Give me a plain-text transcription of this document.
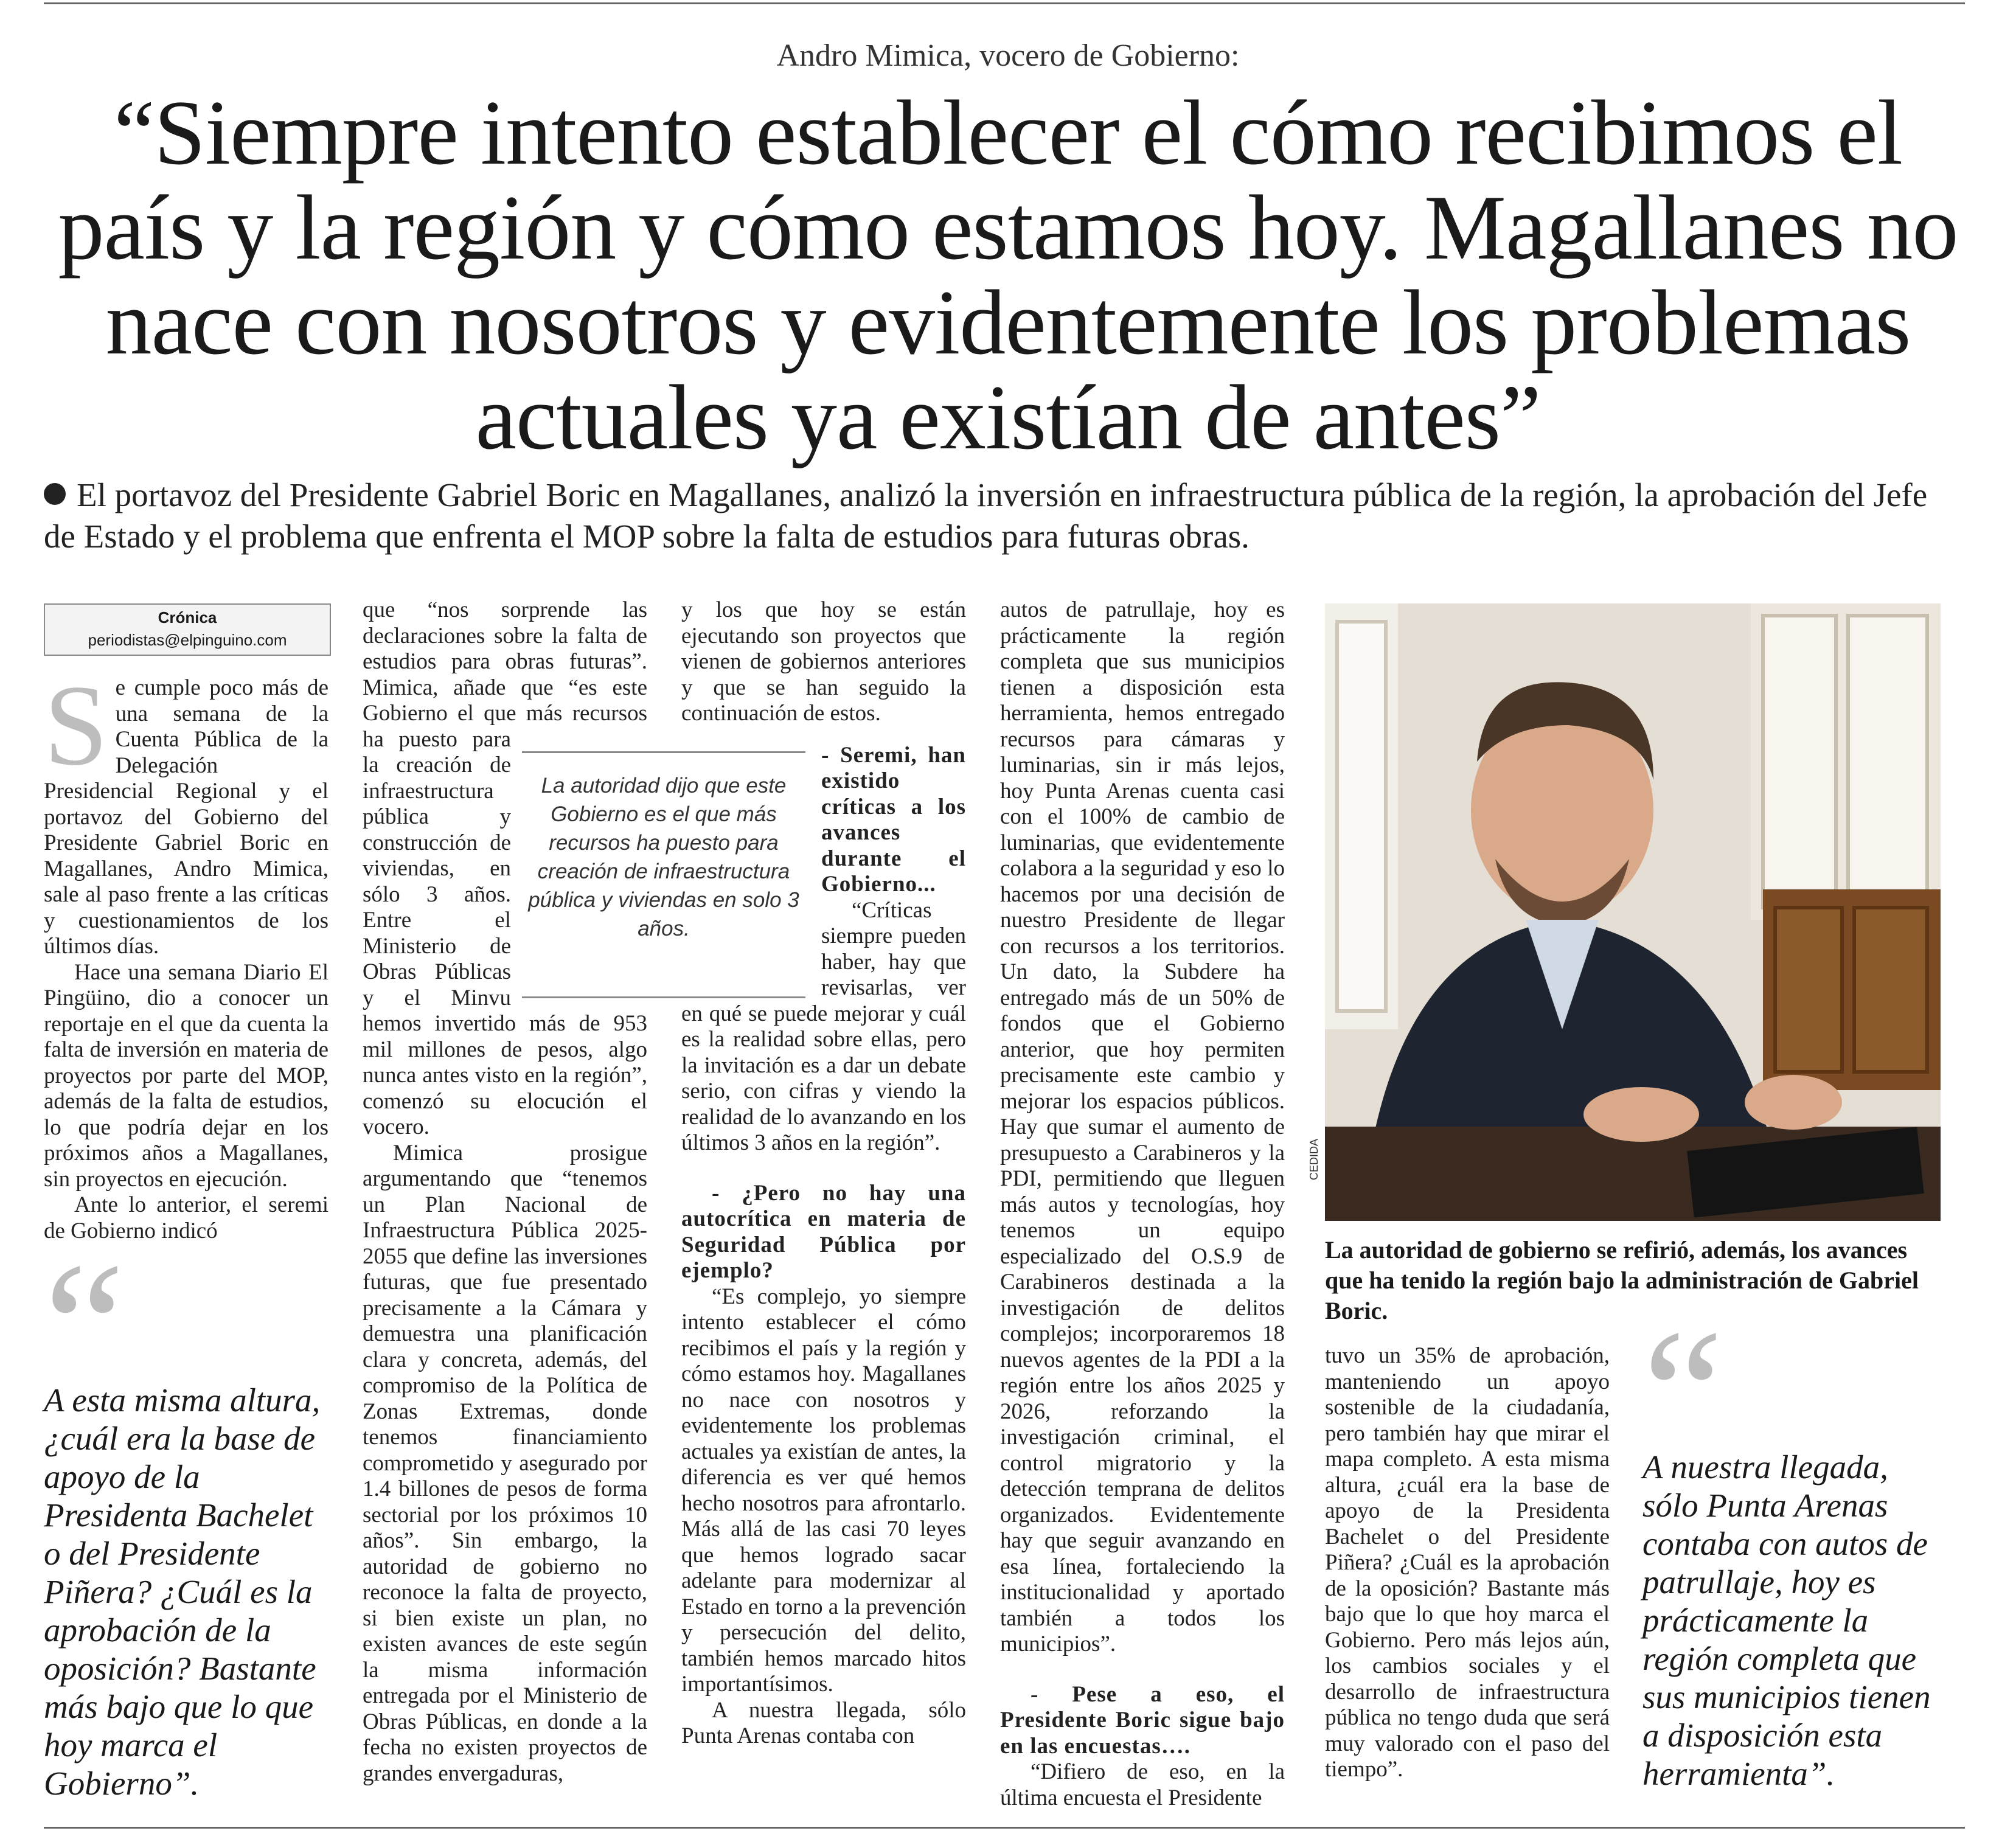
Andro Mimica, vocero de Gobierno:
“Siempre intento establecer el cómo recibimos el país y la región y cómo estamos hoy. Magallanes no nace con nosotros y evidentemente los problemas actuales ya existían de antes”
El portavoz del Presidente Gabriel Boric en Magallanes, analizó la inversión en infraestructura pública de la región, la aprobación del Jefe de Estado y el problema que enfrenta el MOP sobre la falta de estudios para futuras obras.
Crónica
periodistas@elpinguino.com
S e cumple poco más de una semana de la Cuenta Pública de la Delegación Presidencial Regional y el portavoz del Gobierno del Presidente Gabriel Boric en Magallanes, Andro Mimica, sale al paso frente a las críticas y cuestionamientos de los últimos días.

Hace una semana Diario El Pingüino, dio a conocer un reportaje en el que da cuenta la falta de inversión en materia de proyectos por parte del MOP, además de la falta de estudios, lo que podría dejar en los próximos años a Magallanes, sin proyectos en ejecución.

Ante lo anterior, el seremi de Gobierno indicó

A esta misma altura, ¿cuál era la base de apoyo de la Presidenta Bachelet o del Presidente Piñera? ¿Cuál es la aprobación de la oposición? Bastante más bajo que lo que hoy marca el Gobierno”.

que “nos sorprende las declaraciones sobre la falta de estudios para obras futuras”. Mimica, añade que “es este Gobierno el que más recursos ha puesto para la creación de infraestructura pública y construcción de viviendas, en sólo 3 años. Entre el Ministerio de Obras Públicas y el Minvu hemos invertido más de 953 mil millones de pesos, algo nunca antes visto en la región”, comenzó su elocución el vocero.

Mimica prosigue argumentando que “tenemos un Plan Nacional de Infraestructura Pública 2025-2055 que define las inversiones futuras, que fue presentado precisamente a la Cámara y demuestra una planificación clara y concreta, además, del compromiso de la Política de Zonas Extremas, donde tenemos financiamiento comprometido y asegurado por 1.4 billones de pesos de forma sectorial por los próximos 10 años”. Sin embargo, la autoridad de gobierno no reconoce la falta de proyecto, si bien existe un plan, no existen avances de este según la misma información entregada por el Ministerio de Obras Públicas, en donde a la fecha no existen proyectos de grandes envergaduras,

La autoridad dijo que este Gobierno es el que más recursos ha puesto para creación de infraestructura pública y viviendas en solo 3 años.

y los que hoy se están ejecutando son proyectos que vienen de gobiernos anteriores y que se han seguido la continuación de estos.

- Seremi, han existido críticas a los avances durante el Gobierno...

“Críticas siempre pueden haber, hay que revisarlas, ver en qué se puede mejorar y cuál es la realidad sobre ellas, pero la invitación es a dar un debate serio, con cifras y viendo la realidad de lo avanzando en los últimos 3 años en la región”.

- ¿Pero no hay una autocrítica en materia de Seguridad Pública por ejemplo?

“Es complejo, yo siempre intento establecer el cómo recibimos el país y la región y cómo estamos hoy. Magallanes no nace con nosotros y evidentemente los problemas actuales ya existían de antes, la diferencia es ver qué hemos hecho nosotros para afrontarlo. Más allá de las casi 70 leyes que hemos logrado sacar adelante para modernizar al Estado en torno a la prevención y persecución del delito, también hemos marcado hitos importantísimos.

A nuestra llegada, sólo Punta Arenas contaba con

autos de patrullaje, hoy es prácticamente la región completa que sus municipios tienen a disposición esta herramienta, hemos entregado recursos para cámaras y luminarias, sin ir más lejos, hoy Punta Arenas cuenta casi con el 100% de cambio de luminarias, que evidentemente colabora a la seguridad y eso lo hacemos por una decisión de nuestro Presidente de llegar con recursos a los territorios. Un dato, la Subdere ha entregado más de un 50% de fondos que el Gobierno anterior, que hoy permiten precisamente este cambio y mejorar los espacios públicos. Hay que sumar el aumento de presupuesto a Carabineros y la PDI, permitiendo que lleguen más autos y tecnologías, hoy tenemos un equipo especializado del O.S.9 de Carabineros destinada a la investigación de delitos complejos; incorporaremos 18 nuevos agentes de la PDI a la región entre los años 2025 y 2026, reforzando la investigación criminal, el control migratorio y la detección temprana de delitos organizados. Evidentemente hay que seguir avanzando en esa línea, fortaleciendo la institucionalidad y aportado también a todos los municipios”.

- Pese a eso, el Presidente Boric sigue bajo en las encuestas….

“Difiero de eso, en la última encuesta el Presidente

CEDIDA
La autoridad de gobierno se refirió, además, los avances que ha tenido la región bajo la administración de Gabriel Boric.

tuvo un 35% de aprobación, manteniendo un apoyo sostenible de la ciudadanía, pero también hay que mirar el mapa completo. A esta misma altura, ¿cuál era la base de apoyo de la Presidenta Bachelet o del Presidente Piñera? ¿Cuál es la aprobación de la oposición? Bastante más bajo que lo que hoy marca el Gobierno. Pero más lejos aún, los cambios sociales y el desarrollo de infraestructura pública no tengo duda que será muy valorado con el paso del tiempo”.

A nuestra llegada, sólo Punta Arenas contaba con autos de patrullaje, hoy es prácticamente la región completa que sus municipios tienen a disposición esta herramienta”.
